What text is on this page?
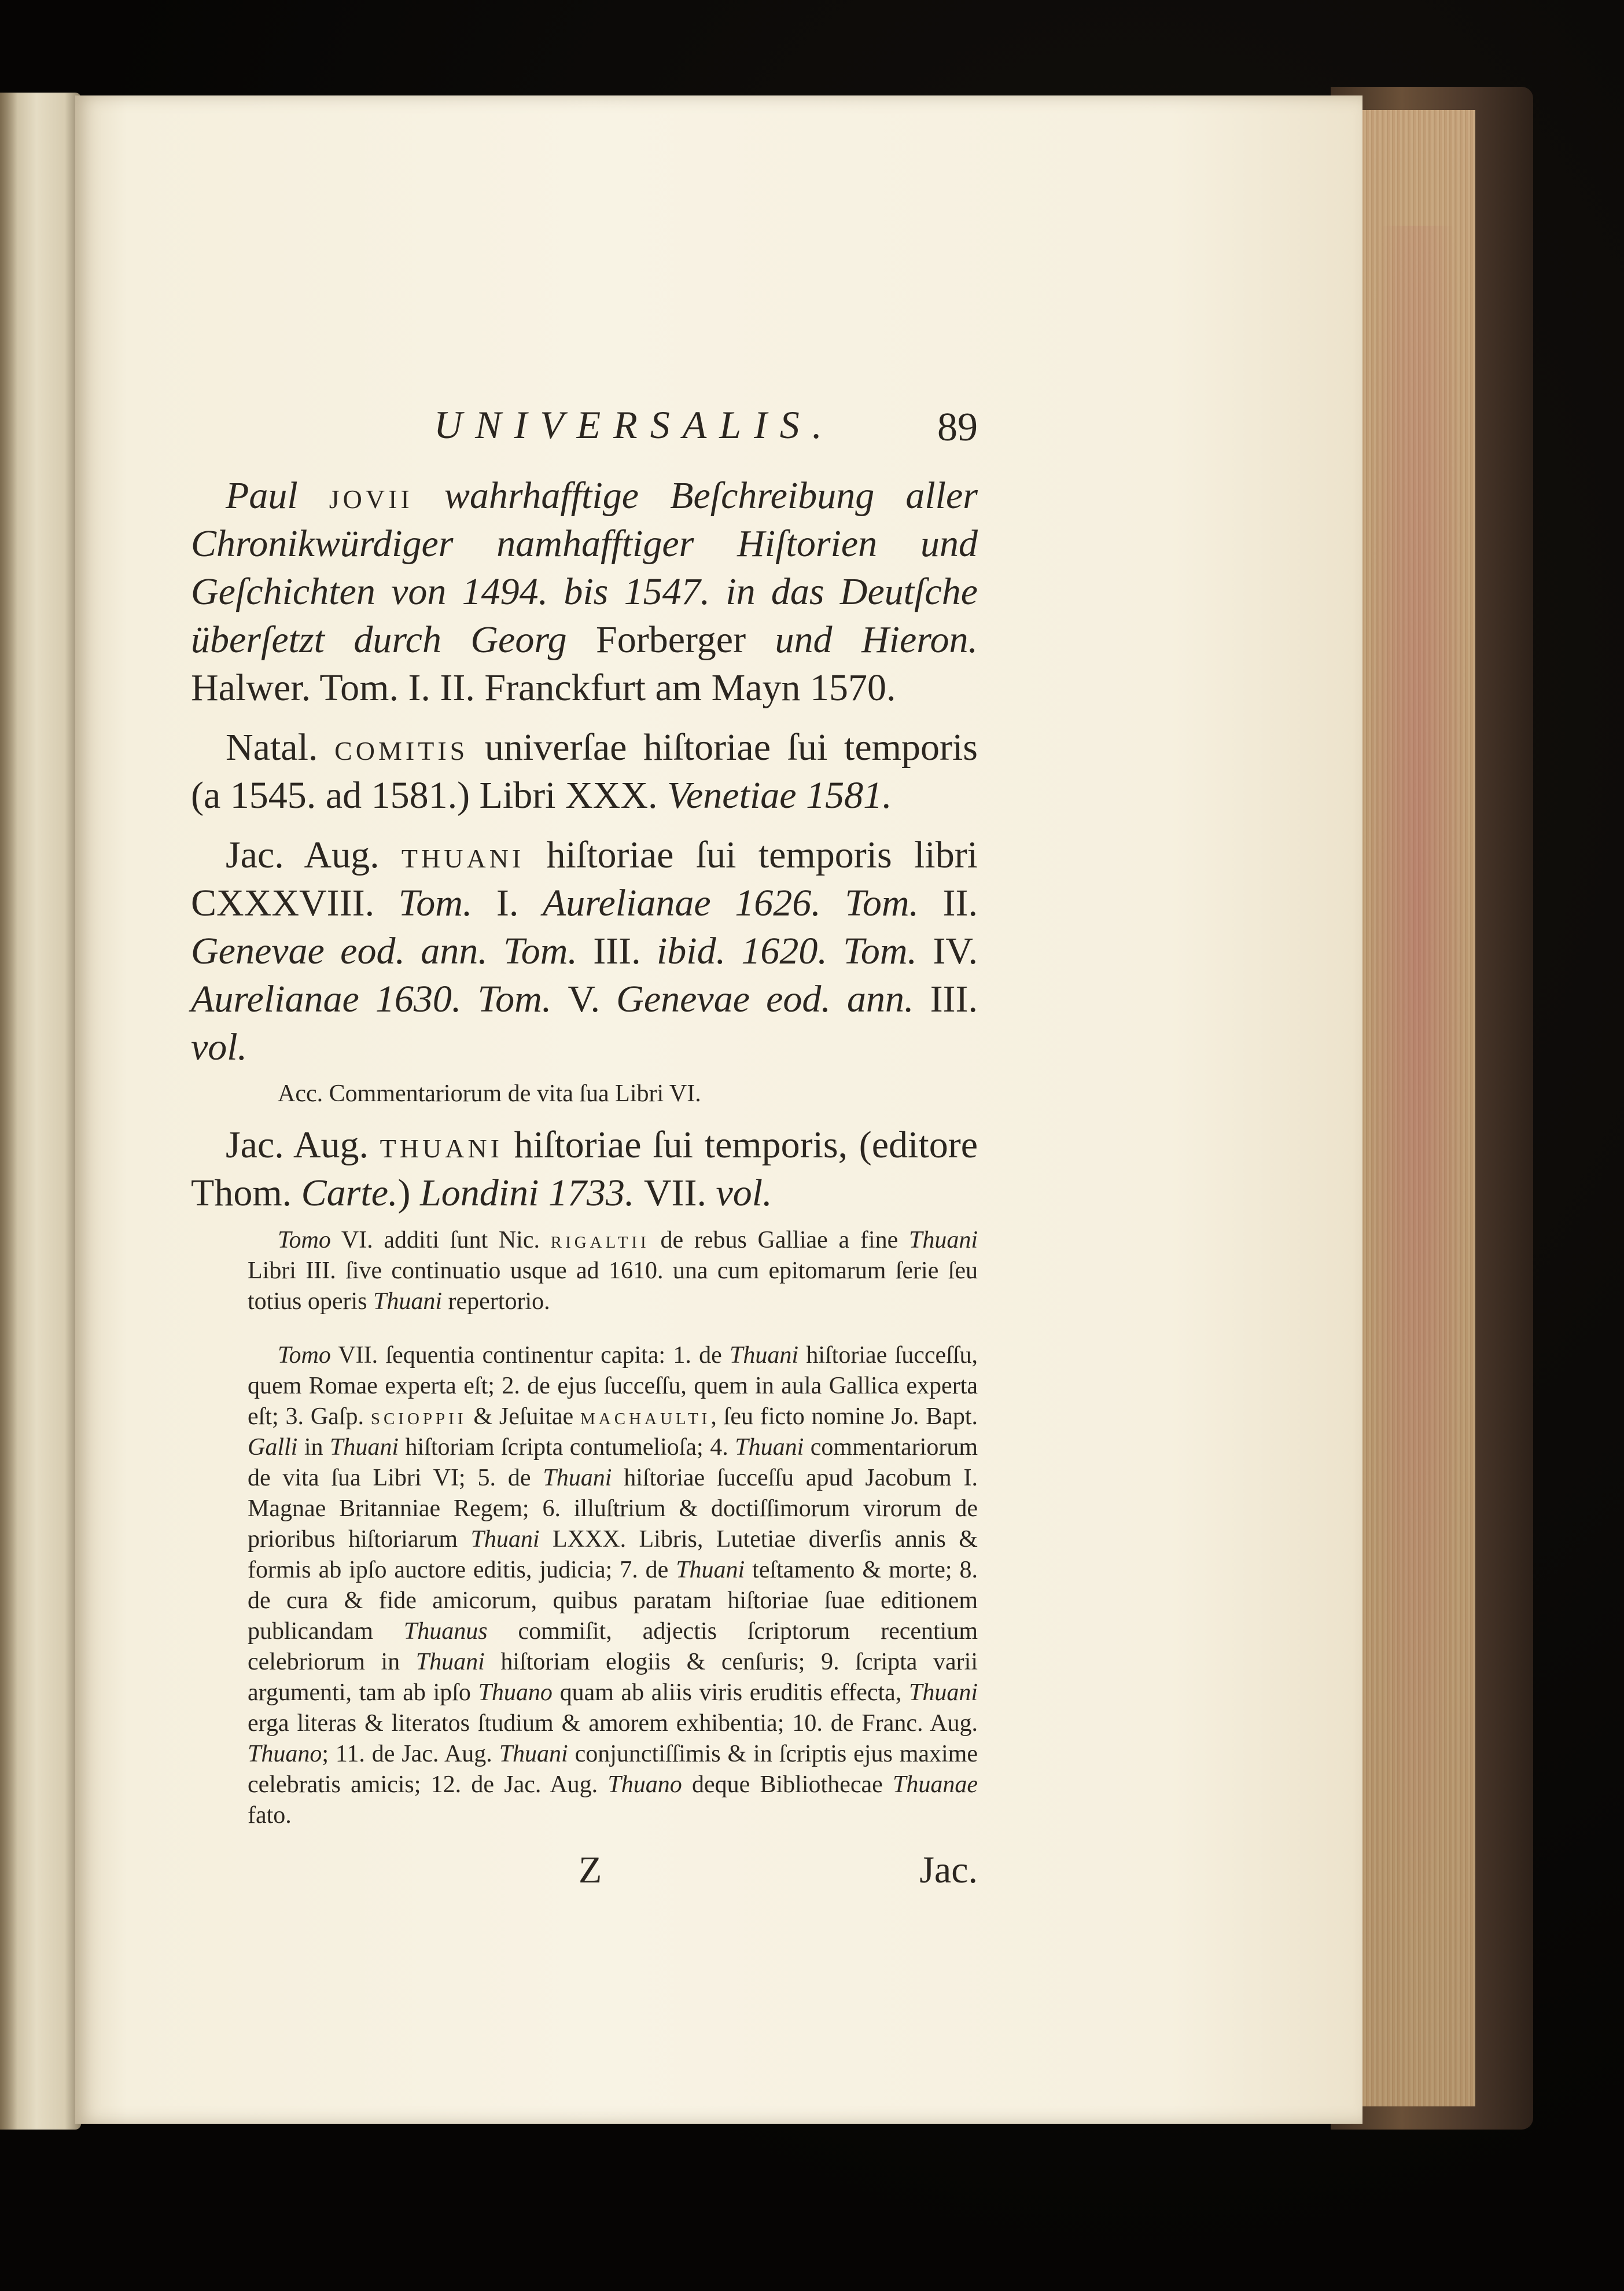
UNIVERSALIS.	89

Paul jovii wahrhafftige Beſchreibung aller Chronikwürdiger namhafftiger Hiſtorien und Geſchichten von 1494. bis 1547. in das Deutſche überſetzt durch Georg Forberger und Hieron. Halwer. Tom. I. II. Franckfurt am Mayn 1570.

Natal. comitis univerſae hiſtoriae ſui temporis (a 1545. ad 1581.) Libri XXX. Venetiae 1581.

Jac. Aug. thuani hiſtoriae ſui temporis libri CXXXVIII. Tom. I. Aurelianae 1626. Tom. II. Genevae eod. ann. Tom. III. ibid. 1620. Tom. IV. Aurelianae 1630. Tom. V. Genevae eod. ann. III. vol.

Acc. Commentariorum de vita ſua Libri VI.

Jac. Aug. thuani hiſtoriae ſui temporis, (editore Thom. Carte.) Londini 1733. VII. vol.

Tomo VI. additi ſunt Nic. rigaltii de rebus Galliae a fine Thuani Libri III. ſive continuatio usque ad 1610. una cum epitomarum ſerie ſeu totius operis Thuani repertorio.

Tomo VII. ſequentia continentur capita: 1. de Thuani hiſtoriae ſucceſſu, quem Romae experta eſt; 2. de ejus ſucceſſu, quem in aula Gallica experta eſt; 3. Gaſp. scioppii & Jeſuitae machaulti, ſeu ficto nomine Jo. Bapt. Galli in Thuani hiſtoriam ſcripta contumelioſa; 4. Thuani commentariorum de vita ſua Libri VI; 5. de Thuani hiſtoriae ſucceſſu apud Jacobum I. Magnae Britanniae Regem; 6. illuſtrium & doctiſſimorum virorum de prioribus hiſtoriarum Thuani LXXX. Libris, Lutetiae diverſis annis & formis ab ipſo auctore editis, judicia; 7. de Thuani teſtamento & morte; 8. de cura & fide amicorum, quibus paratam hiſtoriae ſuae editionem publicandam Thuanus commiſit, adjectis ſcriptorum recentium celebriorum in Thuani hiſtoriam elogiis & cenſuris; 9. ſcripta varii argumenti, tam ab ipſo Thuano quam ab aliis viris eruditis effecta, Thuani erga literas & literatos ſtudium & amorem exhibentia; 10. de Franc. Aug. Thuano; 11. de Jac. Aug. Thuani conjunctiſſimis & in ſcriptis ejus maxime celebratis amicis; 12. de Jac. Aug. Thuano deque Bibliothecae Thuanae fato.

Z	Jac.
